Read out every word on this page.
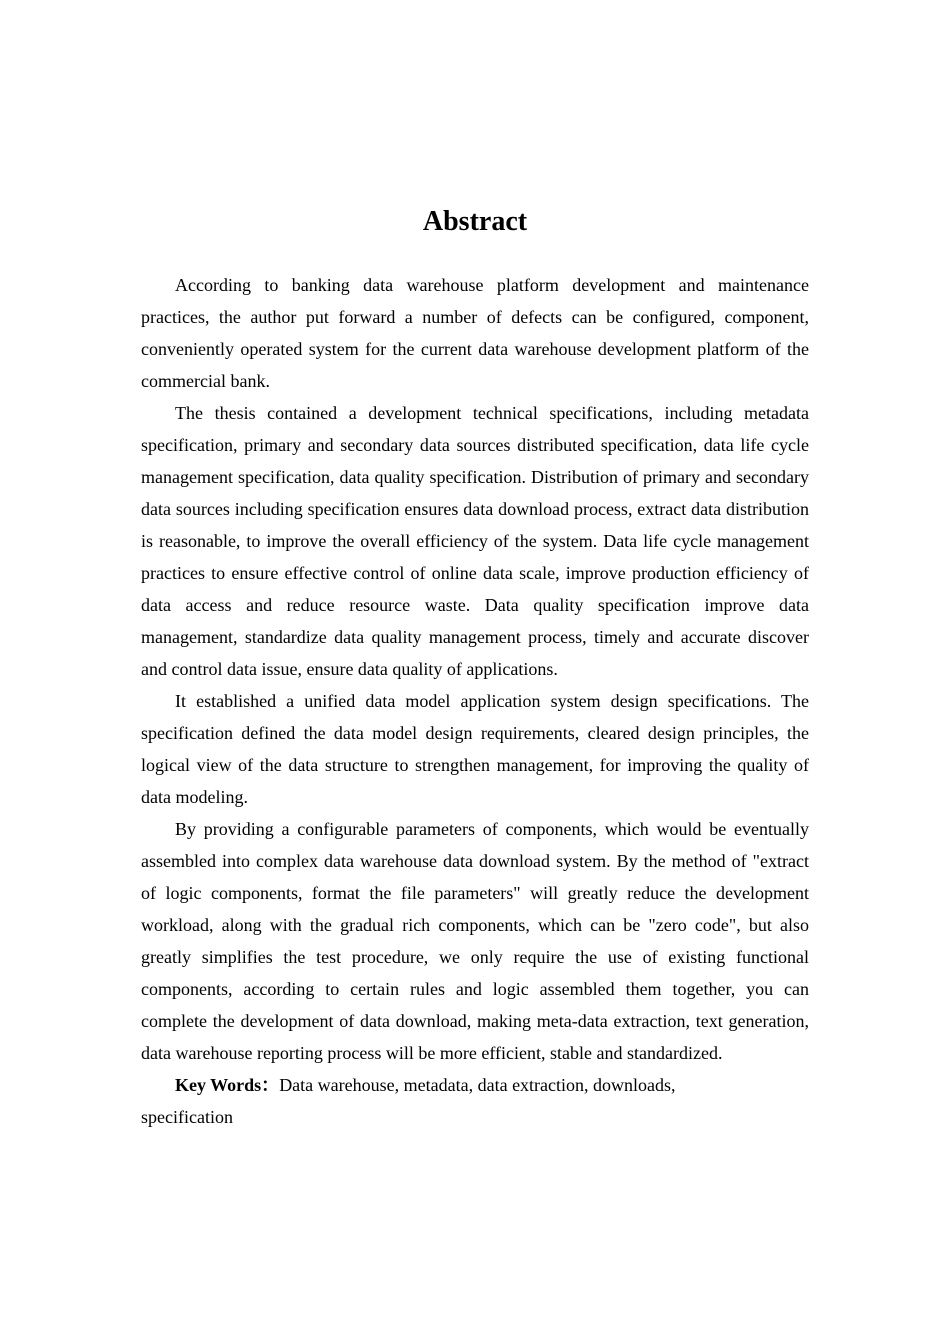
Abstract

According to banking data warehouse platform development and maintenance practices, the author put forward a number of defects can be configured, component, conveniently operated system for the current data warehouse development platform of the commercial bank.

The thesis contained a development technical specifications, including metadata specification, primary and secondary data sources distributed specification, data life cycle management specification, data quality specification. Distribution of primary and secondary data sources including specification ensures data download process, extract data distribution is reasonable, to improve the overall efficiency of the system. Data life cycle management practices to ensure effective control of online data scale, improve production efficiency of data access and reduce resource waste. Data quality specification improve data management, standardize data quality management process, timely and accurate discover and control data issue, ensure data quality of applications.

It established a unified data model application system design specifications. The specification defined the data model design requirements, cleared design principles, the logical view of the data structure to strengthen management, for improving the quality of data modeling.

By providing a configurable parameters of components, which would be eventually assembled into complex data warehouse data download system. By the method of "extract of logic components, format the file parameters" will greatly reduce the development workload, along with the gradual rich components, which can be "zero code", but also greatly simplifies the test procedure, we only require the use of existing functional components, according to certain rules and logic assembled them together, you can complete the development of data download, making meta-data extraction, text generation, data warehouse reporting process will be more efficient, stable and standardized.

Key Words：Data warehouse, metadata, data extraction, downloads, specification
